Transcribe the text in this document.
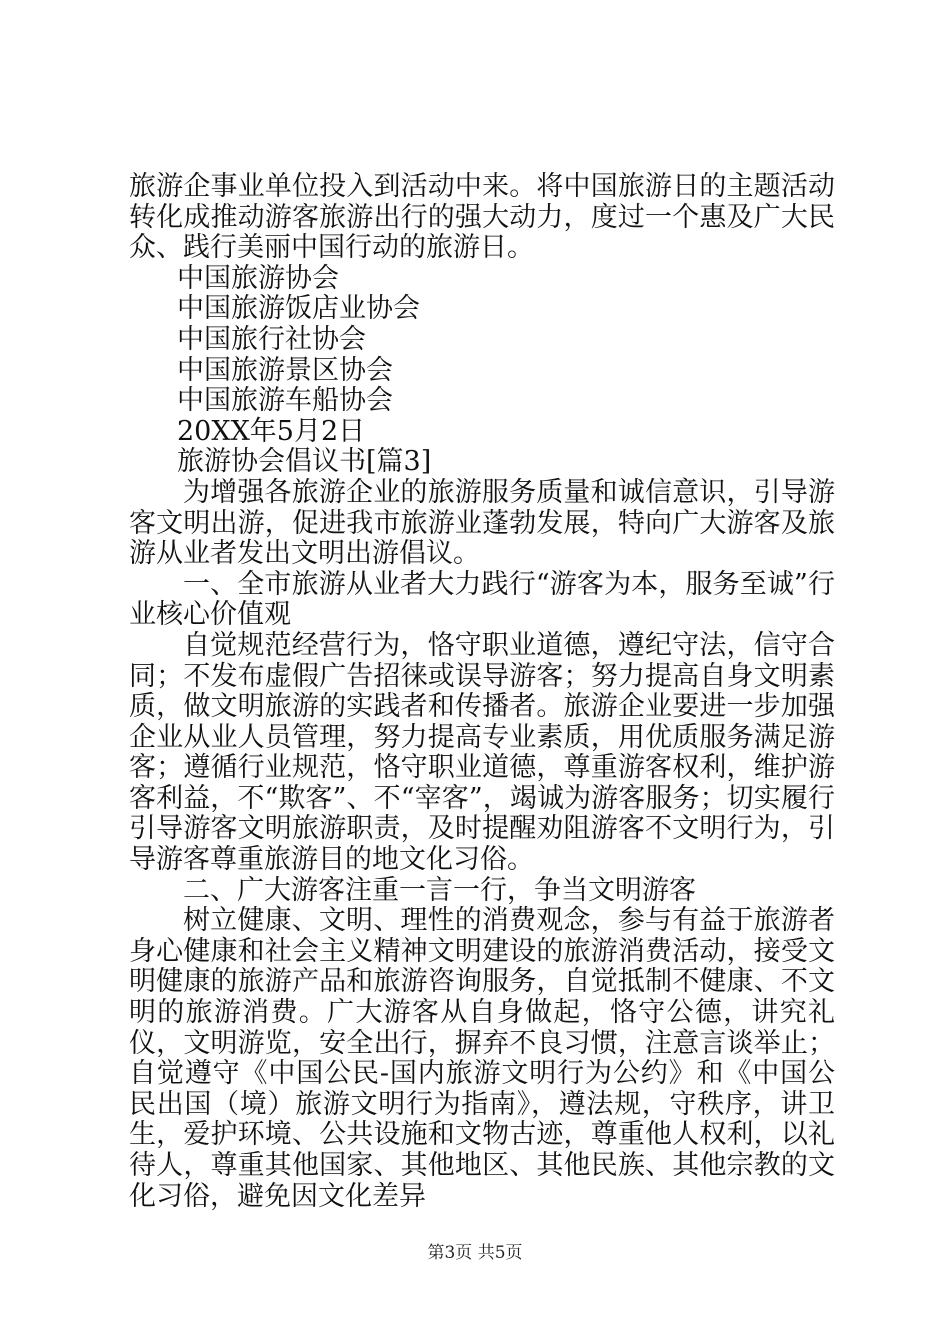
旅游企事业单位投入到活动中来。将中国旅游日的主题活动转化成推动游客旅游出行的强大动力，度过一个惠及广大民众、践行美丽中国行动的旅游日。

中国旅游协会

中国旅游饭店业协会

中国旅行社协会

中国旅游景区协会

中国旅游车船协会

20XX年5月2日

旅游协会倡议书[篇3]

为增强各旅游企业的旅游服务质量和诚信意识，引导游客文明出游，促进我市旅游业蓬勃发展，特向广大游客及旅游从业者发出文明出游倡议。

一、全市旅游从业者大力践行“游客为本，服务至诚”行业核心价值观

自觉规范经营行为，恪守职业道德，遵纪守法，信守合同；不发布虚假广告招徕或误导游客；努力提高自身文明素质，做文明旅游的实践者和传播者。旅游企业要进一步加强企业从业人员管理，努力提高专业素质，用优质服务满足游客；遵循行业规范，恪守职业道德，尊重游客权利，维护游客利益，不“欺客”、不“宰客”，竭诚为游客服务；切实履行引导游客文明旅游职责，及时提醒劝阻游客不文明行为，引导游客尊重旅游目的地文化习俗。

二、广大游客注重一言一行，争当文明游客

树立健康、文明、理性的消费观念，参与有益于旅游者身心健康和社会主义精神文明建设的旅游消费活动，接受文明健康的旅游产品和旅游咨询服务，自觉抵制不健康、不文明的旅游消费。广大游客从自身做起，恪守公德，讲究礼仪，文明游览，安全出行，摒弃不良习惯，注意言谈举止；自觉遵守《中国公民-国内旅游文明行为公约》和《中国公民出国（境）旅游文明行为指南》，遵法规，守秩序，讲卫生，爱护环境、公共设施和文物古迹，尊重他人权利，以礼待人，尊重其他国家、其他地区、其他民族、其他宗教的文化习俗，避免因文化差异

第3页 共5页
